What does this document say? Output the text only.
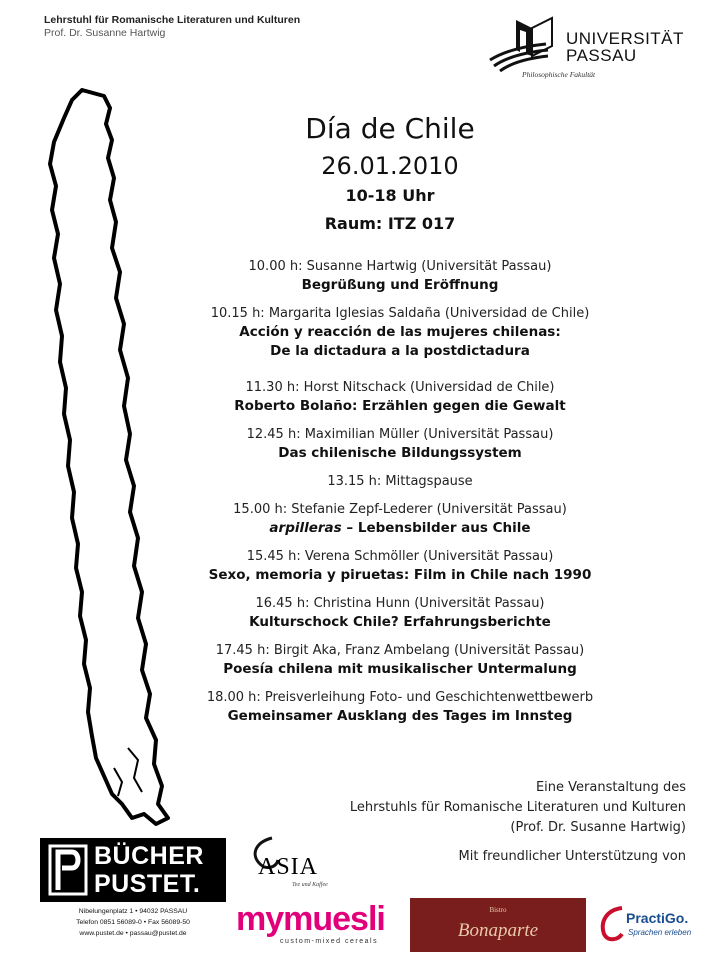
Lehrstuhl für Romanische Literaturen und Kulturen
Prof. Dr. Susanne Hartwig	UNIVERSITÄT
PASSAU
Philosophische Fakultät
Día de Chile
26.01.2010
10-18 Uhr
Raum: ITZ 017
10.00 h: Susanne Hartwig (Universität Passau)
Begrüßung und Eröffnung
10.15 h: Margarita Iglesias Saldaña (Universidad de Chile)
Acción y reacción de las mujeres chilenas:
De la dictadura a la postdictadura
11.30 h: Horst Nitschack (Universidad de Chile)
Roberto Bolaño: Erzählen gegen die Gewalt
12.45 h: Maximilian Müller (Universität Passau)
Das chilenische Bildungssystem
13.15 h: Mittagspause
15.00 h: Stefanie Zepf-Lederer (Universität Passau)
arpilleras – Lebensbilder aus Chile
15.45 h: Verena Schmöller (Universität Passau)
Sexo, memoria y piruetas: Film in Chile nach 1990
16.45 h: Christina Hunn (Universität Passau)
Kulturschock Chile? Erfahrungsberichte
17.45 h: Birgit Aka, Franz Ambelang (Universität Passau)
Poesía chilena mit musikalischer Untermalung
18.00 h: Preisverleihung Foto- und Geschichtenwettbewerb
Gemeinsamer Ausklang des Tages im Innsteg
Eine Veranstaltung des
Lehrstuhls für Romanische Literaturen und Kulturen
(Prof. Dr. Susanne Hartwig)
Mit freundlicher Unterstützung von
BÜCHER
PUSTET.
Nibelungenplatz 1 • 94032 PASSAU
Telefon 0851 56089-0 • Fax 56089-50
www.pustet.de • passau@pustet.de
ASIA
Tee und Kaffee
mymuesli
custom-mixed cereals
Bistro
Bonaparte
PractiGo.
Sprachen erleben
